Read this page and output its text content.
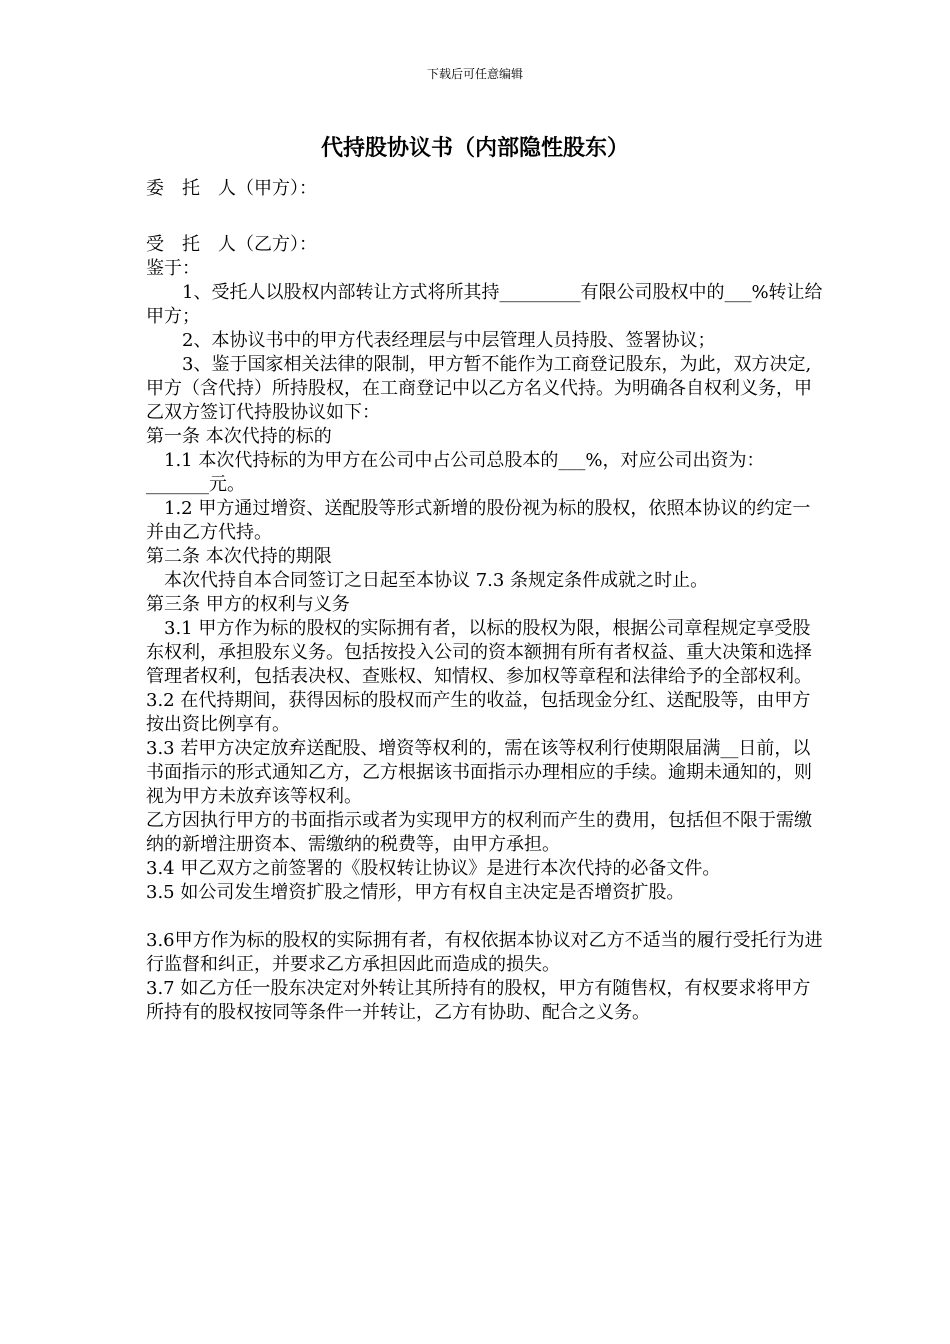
下载后可任意编辑
代持股协议书（内部隐性股东）

委　托　人（甲方）：

受　托　人（乙方）：

鉴于：

　　1、受托人以股权内部转让方式将所其持_________有限公司股权中的___%转让给甲方；

　　2、本协议书中的甲方代表经理层与中层管理人员持股、签署协议；

　　3、鉴于国家相关法律的限制，甲方暂不能作为工商登记股东，为此，双方决定,甲方（含代持）所持股权，在工商登记中以乙方名义代持。为明确各自权利义务，甲乙双方签订代持股协议如下：

第一条 本次代持的标的

　1.1 本次代持标的为甲方在公司中占公司总股本的___%，对应公司出资为：_______元。

　1.2 甲方通过增资、送配股等形式新增的股份视为标的股权，依照本协议的约定一并由乙方代持。

第二条 本次代持的期限

　本次代持自本合同签订之日起至本协议 7.3 条规定条件成就之时止。

第三条 甲方的权利与义务

　3.1 甲方作为标的股权的实际拥有者，以标的股权为限，根据公司章程规定享受股东权利，承担股东义务。包括按投入公司的资本额拥有所有者权益、重大决策和选择管理者权利，包括表决权、查账权、知情权、参加权等章程和法律给予的全部权利。

3.2 在代持期间，获得因标的股权而产生的收益，包括现金分红、送配股等，由甲方按出资比例享有。

3.3 若甲方决定放弃送配股、增资等权利的，需在该等权利行使期限届满__日前，以书面指示的形式通知乙方，乙方根据该书面指示办理相应的手续。逾期未通知的，则视为甲方未放弃该等权利。

乙方因执行甲方的书面指示或者为实现甲方的权利而产生的费用，包括但不限于需缴纳的新增注册资本、需缴纳的税费等，由甲方承担。

3.4 甲乙双方之前签署的《股权转让协议》是进行本次代持的必备文件。

3.5 如公司发生增资扩股之情形，甲方有权自主决定是否增资扩股。

3.6甲方作为标的股权的实际拥有者，有权依据本协议对乙方不适当的履行受托行为进行监督和纠正，并要求乙方承担因此而造成的损失。

3.7 如乙方任一股东决定对外转让其所持有的股权，甲方有随售权，有权要求将甲方所持有的股权按同等条件一并转让，乙方有协助、配合之义务。
